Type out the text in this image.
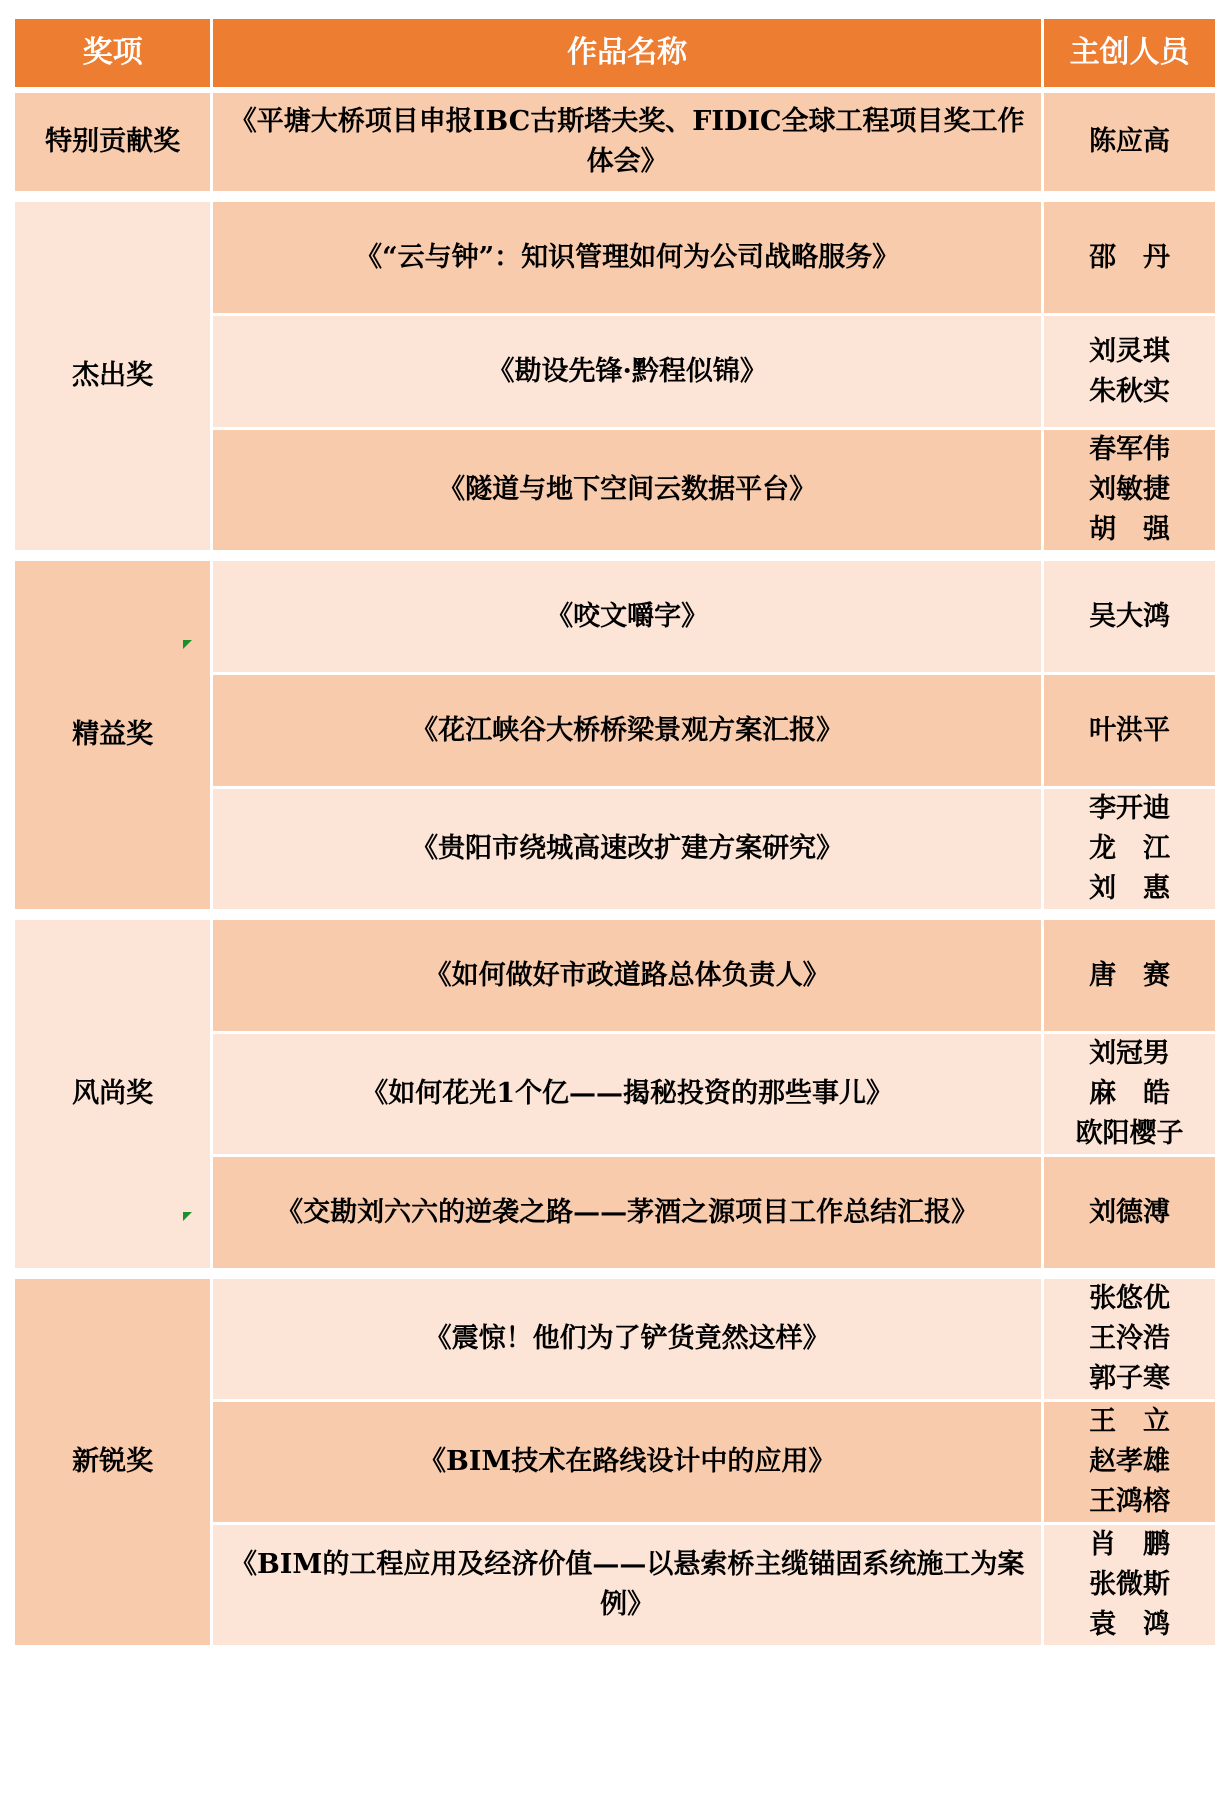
奖项	作品名称	主创人员
特别贡献奖	《平塘大桥项目申报IBC古斯塔夫奖、FIDIC全球工程项目奖工作体会》	陈应高

杰出奖	《“云与钟”：知识管理如何为公司战略服务》	邵　丹

	《勘设先锋·黔程似锦》	刘灵琪
朱秋实

	《隧道与地下空间云数据平台》	春军伟
刘敏捷
胡　强

精益奖	《咬文嚼字》	吴大鸿

	《花江峡谷大桥桥梁景观方案汇报》	叶洪平

	《贵阳市绕城高速改扩建方案研究》	李开迪
龙　江
刘　惠

风尚奖	《如何做好市政道路总体负责人》	唐　赛

	《如何花光1个亿——揭秘投资的那些事儿》	刘冠男
麻　皓
欧阳樱子

	《交勘刘六六的逆袭之路——茅酒之源项目工作总结汇报》	刘德溥

新锐奖	《震惊！他们为了铲货竟然这样》	张悠优
王泠浩
郭子寒

	《BIM技术在路线设计中的应用》	王　立
赵孝雄
王鸿榕

	《BIM的工程应用及经济价值——以悬索桥主缆锚固系统施工为案例》	肖　鹏
张微斯
袁　鸿
